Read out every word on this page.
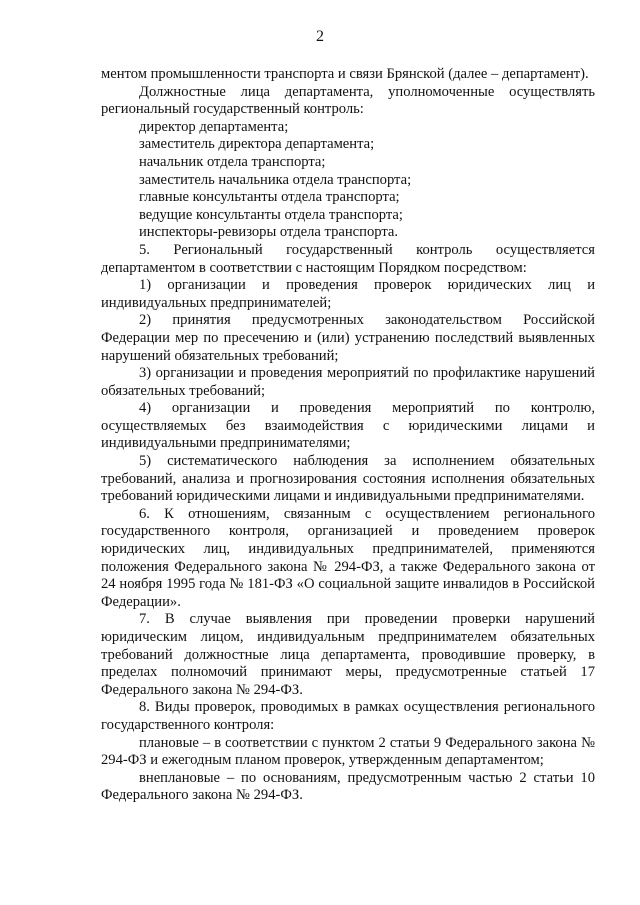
2

ментом промышленности транспорта и связи Брянской (далее – департамент).

Должностные лица департамента, уполномоченные осуществлять региональный государственный контроль:

директор департамента;

заместитель директора департамента;

начальник отдела транспорта;

заместитель начальника отдела транспорта;

главные консультанты отдела транспорта;

ведущие консультанты отдела транспорта;

инспекторы-ревизоры отдела транспорта.

5. Региональный государственный контроль осуществляется департаментом в соответствии с настоящим Порядком посредством:

1) организации и проведения проверок юридических лиц и индивидуальных предпринимателей;

2) принятия предусмотренных законодательством Российской Федерации мер по пресечению и (или) устранению последствий выявленных нарушений обязательных требований;

3) организации и проведения мероприятий по профилактике нарушений обязательных требований;

4) организации и проведения мероприятий по контролю, осуществляемых без взаимодействия с юридическими лицами и индивидуальными предпринимателями;

5) систематического наблюдения за исполнением обязательных требований, анализа и прогнозирования состояния исполнения обязательных требований юридическими лицами и индивидуальными предпринимателями.

6. К отношениям, связанным с осуществлением регионального государственного контроля, организацией и проведением проверок юридических лиц, индивидуальных предпринимателей, применяются положения Федерального закона № 294-ФЗ, а также Федерального закона от 24 ноября 1995 года № 181-ФЗ «О социальной защите инвалидов в Российской Федерации».

7. В случае выявления при проведении проверки нарушений юридическим лицом, индивидуальным предпринимателем обязательных требований должностные лица департамента, проводившие проверку, в пределах полномочий принимают меры, предусмотренные статьей 17 Федерального закона № 294-ФЗ.

8. Виды проверок, проводимых в рамках осуществления регионального государственного контроля:

плановые – в соответствии с пунктом 2 статьи 9 Федерального закона № 294-ФЗ и ежегодным планом проверок, утвержденным департаментом;

внеплановые – по основаниям, предусмотренным частью 2 статьи 10 Федерального закона № 294-ФЗ.
